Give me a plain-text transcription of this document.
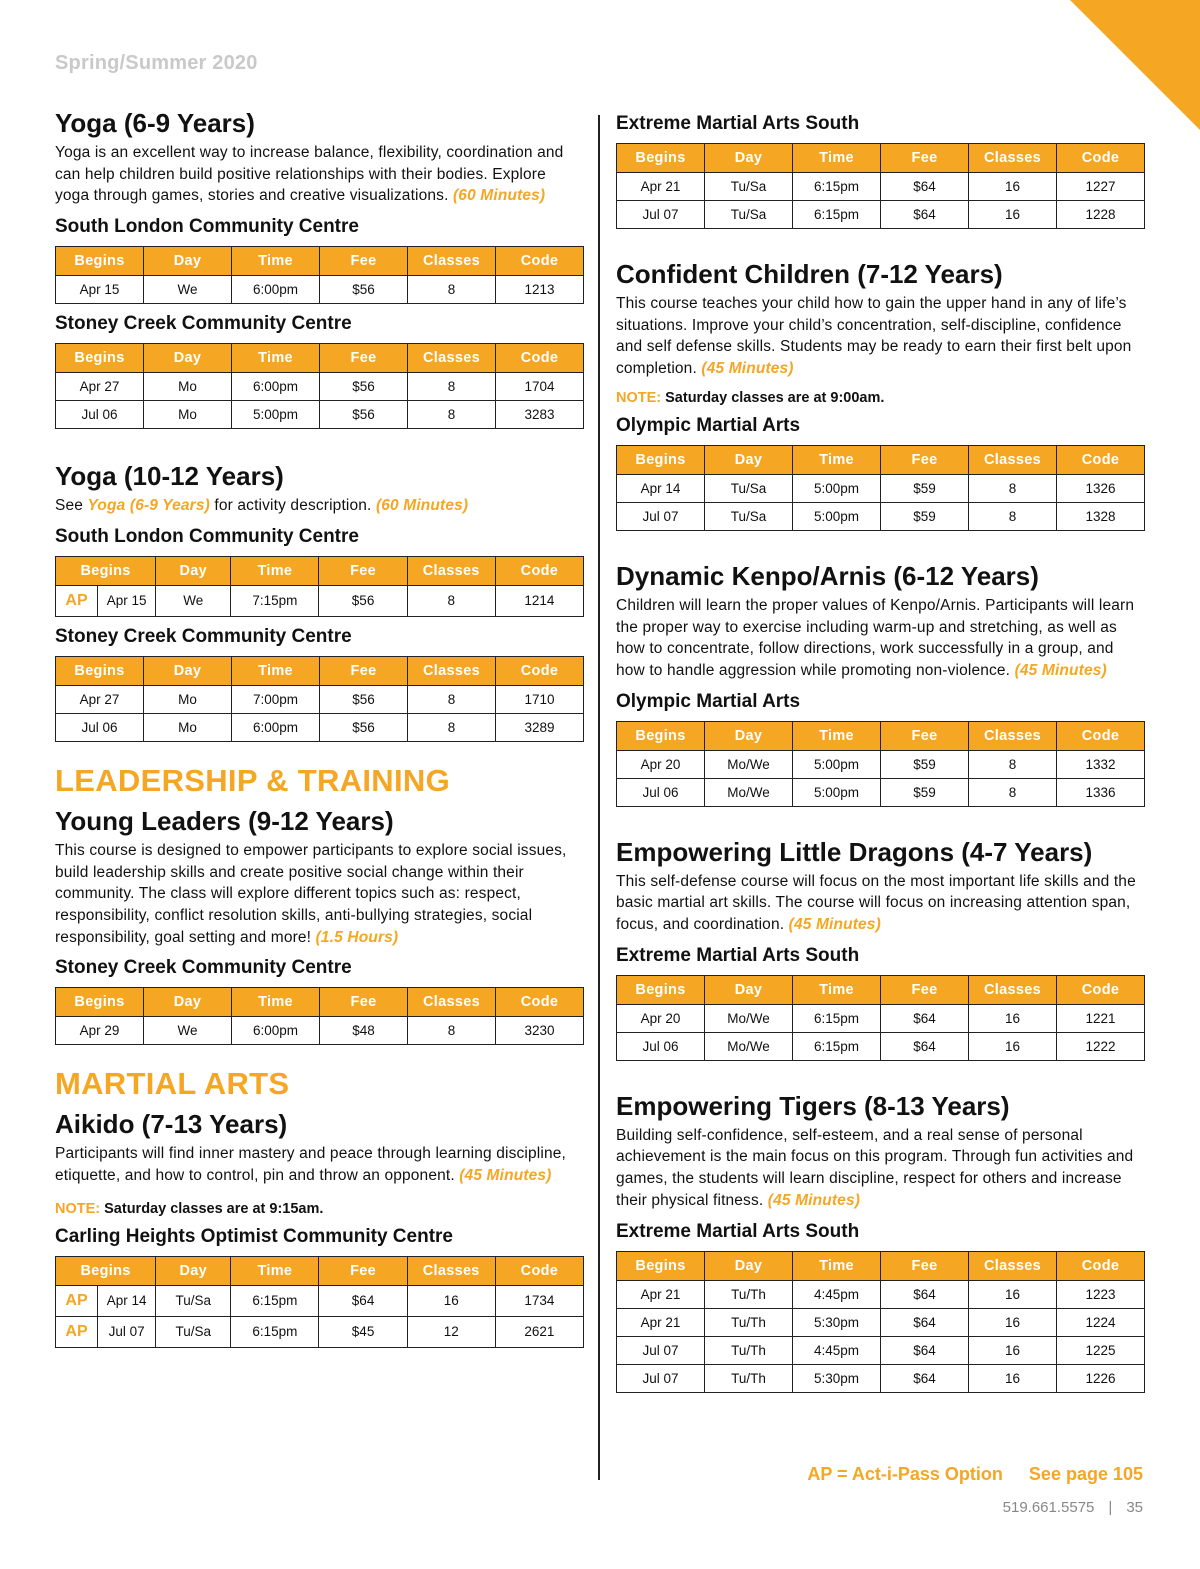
Spring/Summer 2020
Yoga (6-9 Years)

Yoga is an excellent way to increase balance, flexibility, coordination and can help children build positive relationships with their bodies. Explore yoga through games, stories and creative visualizations. (60 Minutes)

South London Community Centre
Begins	Day	Time	Fee	Classes	Code
Apr 15	We	6:00pm	$56	8	1213
Stoney Creek Community Centre
Begins	Day	Time	Fee	Classes	Code
Apr 27	Mo	6:00pm	$56	8	1704
Jul 06	Mo	5:00pm	$56	8	3283
Yoga (10-12 Years)

See Yoga (6-9 Years) for activity description. (60 Minutes)

South London Community Centre
Begins		Day	Time	Fee	Classes	Code
AP	Apr 15	We	7:15pm	$56	8	1214
Stoney Creek Community Centre
Begins	Day	Time	Fee	Classes	Code
Apr 27	Mo	7:00pm	$56	8	1710
Jul 06	Mo	6:00pm	$56	8	3289
LEADERSHIP & TRAINING
Young Leaders (9-12 Years)

This course is designed to empower participants to explore social issues, build leadership skills and create positive social change within their community. The class will explore different topics such as: respect, responsibility, conflict resolution skills, anti-bullying strategies, social responsibility, goal setting and more! (1.5 Hours)

Stoney Creek Community Centre
Begins	Day	Time	Fee	Classes	Code
Apr 29	We	6:00pm	$48	8	3230
MARTIAL ARTS
Aikido (7-13 Years)

Participants will find inner mastery and peace through learning discipline, etiquette, and how to control, pin and throw an opponent. (45 Minutes)

NOTE: Saturday classes are at 9:15am.
Carling Heights Optimist Community Centre
Begins		Day	Time	Fee	Classes	Code
AP	Apr 14	Tu/Sa	6:15pm	$64	16	1734
AP	Jul 07	Tu/Sa	6:15pm	$45	12	2621
Extreme Martial Arts South
Begins	Day	Time	Fee	Classes	Code
Apr 21	Tu/Sa	6:15pm	$64	16	1227
Jul 07	Tu/Sa	6:15pm	$64	16	1228
Confident Children (7-12 Years)

This course teaches your child how to gain the upper hand in any of life’s situations. Improve your child’s concentration, self-discipline, confidence and self defense skills. Students may be ready to earn their first belt upon completion. (45 Minutes)

NOTE: Saturday classes are at 9:00am.
Olympic Martial Arts
Begins	Day	Time	Fee	Classes	Code
Apr 14	Tu/Sa	5:00pm	$59	8	1326
Jul 07	Tu/Sa	5:00pm	$59	8	1328
Dynamic Kenpo/Arnis (6-12 Years)

Children will learn the proper values of Kenpo/Arnis. Participants will learn the proper way to exercise including warm-up and stretching, as well as how to concentrate, follow directions, work successfully in a group, and how to handle aggression while promoting non-violence. (45 Minutes)

Olympic Martial Arts
Begins	Day	Time	Fee	Classes	Code
Apr 20	Mo/We	5:00pm	$59	8	1332
Jul 06	Mo/We	5:00pm	$59	8	1336
Empowering Little Dragons (4-7 Years)

This self-defense course will focus on the most important life skills and the basic martial art skills. The course will focus on increasing attention span, focus, and coordination. (45 Minutes)

Extreme Martial Arts South
Begins	Day	Time	Fee	Classes	Code
Apr 20	Mo/We	6:15pm	$64	16	1221
Jul 06	Mo/We	6:15pm	$64	16	1222
Empowering Tigers (8-13 Years)

Building self-confidence, self-esteem, and a real sense of personal achievement is the main focus on this program. Through fun activities and games, the students will learn discipline, respect for others and increase their physical fitness. (45 Minutes)

Extreme Martial Arts South
Begins	Day	Time	Fee	Classes	Code
Apr 21	Tu/Th	4:45pm	$64	16	1223
Apr 21	Tu/Th	5:30pm	$64	16	1224
Jul 07	Tu/Th	4:45pm	$64	16	1225
Jul 07	Tu/Th	5:30pm	$64	16	1226
AP = Act-i-Pass Option See page 105
519.661.5575 | 35
